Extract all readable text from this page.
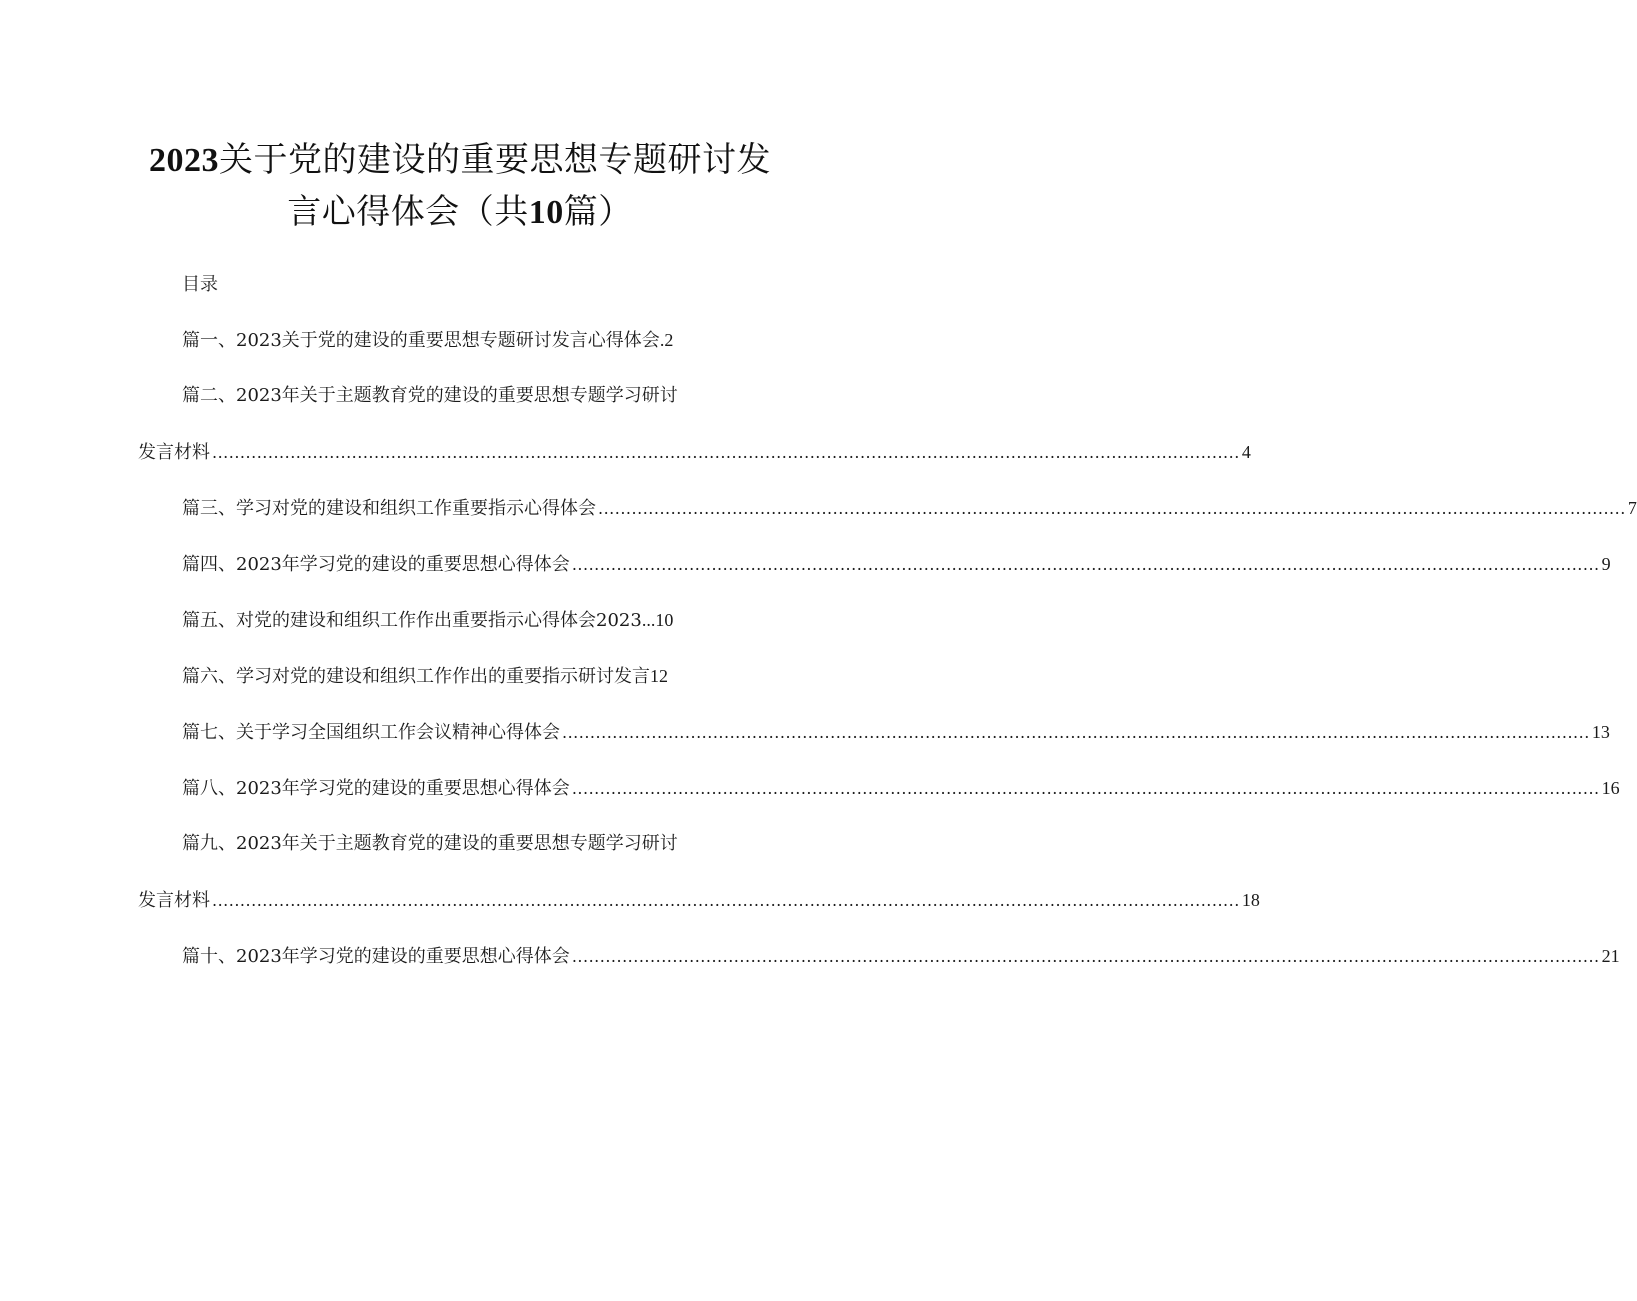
2023关于党的建设的重要思想专题研讨发
言心得体会（共10篇）
目录
篇一、2023关于党的建设的重要思想专题研讨发言心得体会 .2
篇二、2023年关于主题教育党的建设的重要思想专题学习研讨
发言材料 ........................................................................................................................................................................................ 4
篇三、学习对党的建设和组织工作重要指示心得体会 ........................................................................................................................................................................................ 7
篇四、2023年学习党的建设的重要思想心得体会 ........................................................................................................................................................................................ 9
篇五、对党的建设和组织工作作出重要指示心得体会2023 ...10
篇六、学习对党的建设和组织工作作出的重要指示研讨发言 12
篇七、关于学习全国组织工作会议精神心得体会 ........................................................................................................................................................................................ 13
篇八、2023年学习党的建设的重要思想心得体会 ........................................................................................................................................................................................ 16
篇九、2023年关于主题教育党的建设的重要思想专题学习研讨
发言材料 ........................................................................................................................................................................................ 18
篇十、2023年学习党的建设的重要思想心得体会 ........................................................................................................................................................................................ 21
